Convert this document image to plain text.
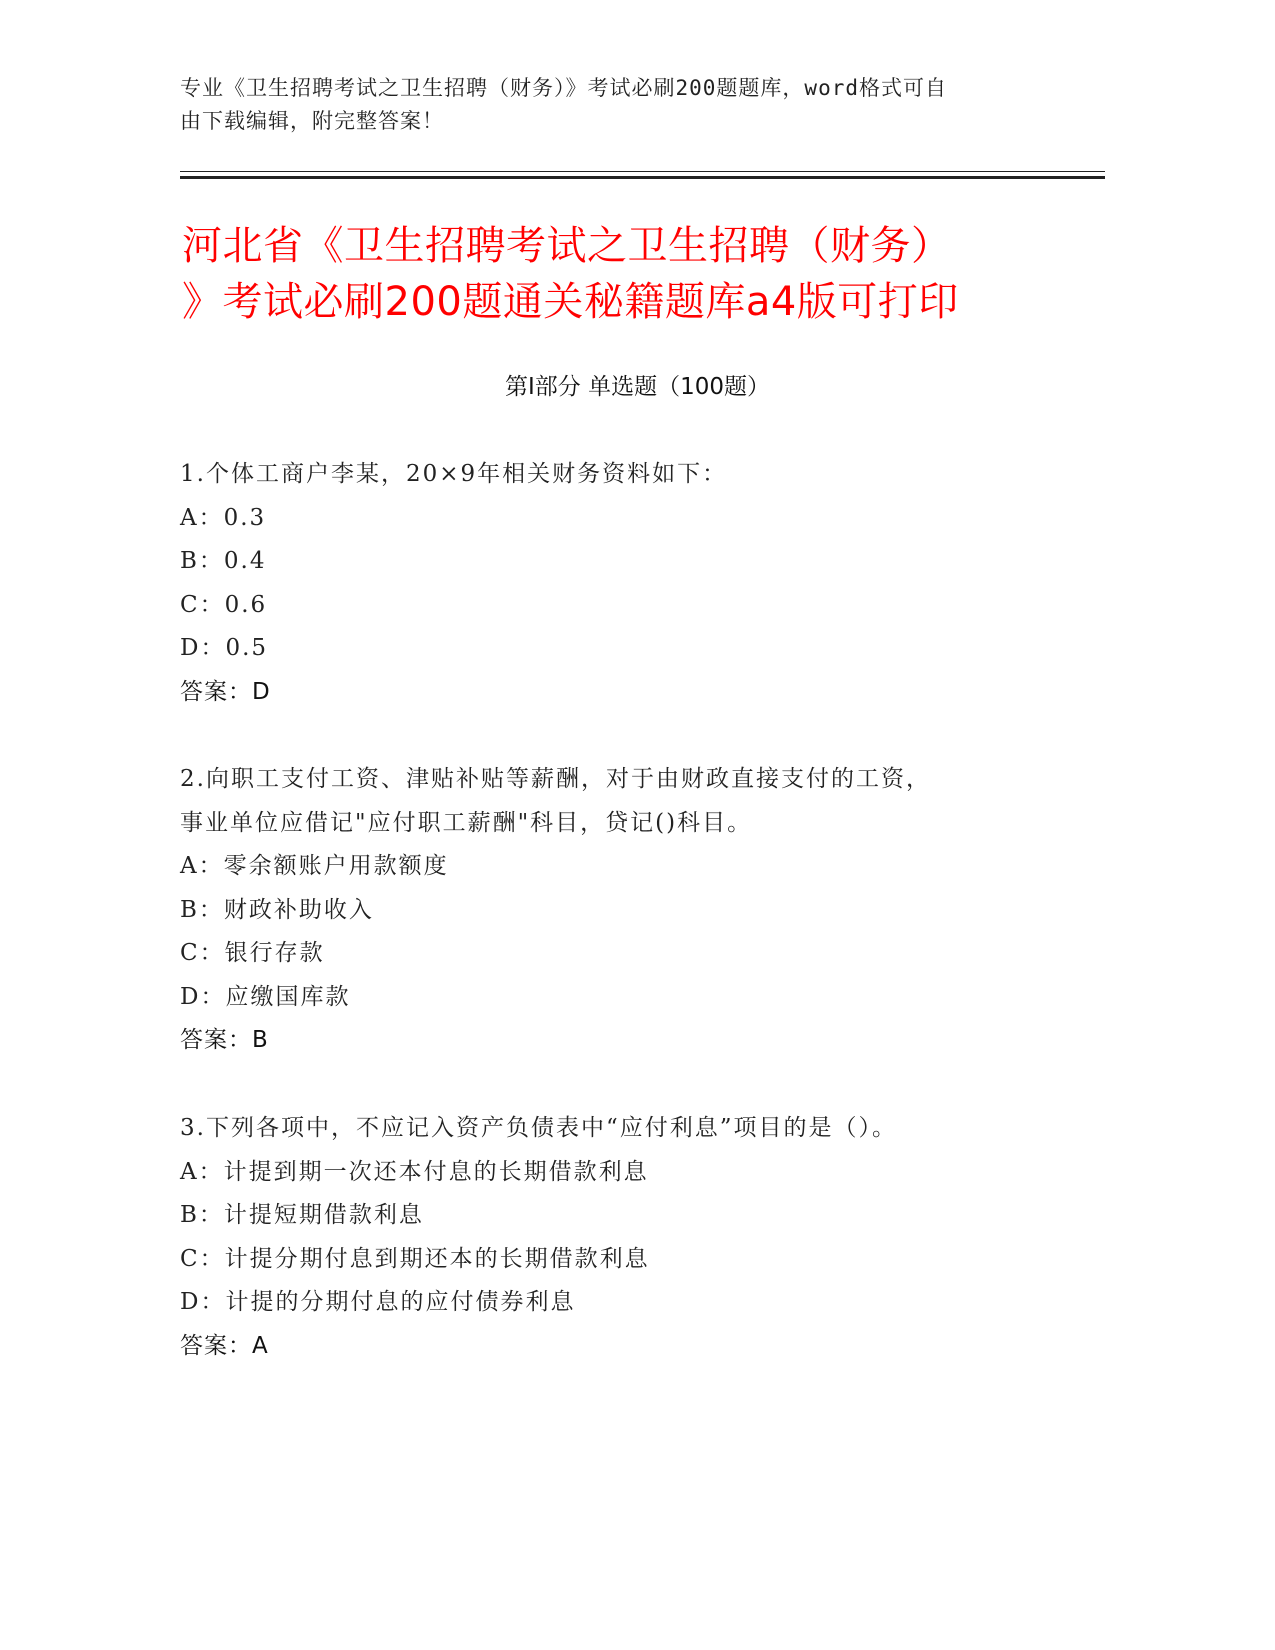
专业《卫生招聘考试之卫生招聘（财务）》考试必刷200题题库，word格式可自
由下载编辑，附完整答案！
河北省《卫生招聘考试之卫生招聘（财务）
》考试必刷200题通关秘籍题库a4版可打印
第Ⅰ部分 单选题（100题）

1.个体工商户李某，20×9年相关财务资料如下：

A：0.3

B：0.4

C：0.6

D：0.5

答案：D

2.向职工支付工资、津贴补贴等薪酬，对于由财政直接支付的工资，

事业单位应借记"应付职工薪酬"科目，贷记()科目。

A：零余额账户用款额度

B：财政补助收入

C：银行存款

D：应缴国库款

答案：B

3.下列各项中，不应记入资产负债表中“应付利息”项目的是（）。

A：计提到期一次还本付息的长期借款利息

B：计提短期借款利息

C：计提分期付息到期还本的长期借款利息

D：计提的分期付息的应付债券利息

答案：A
